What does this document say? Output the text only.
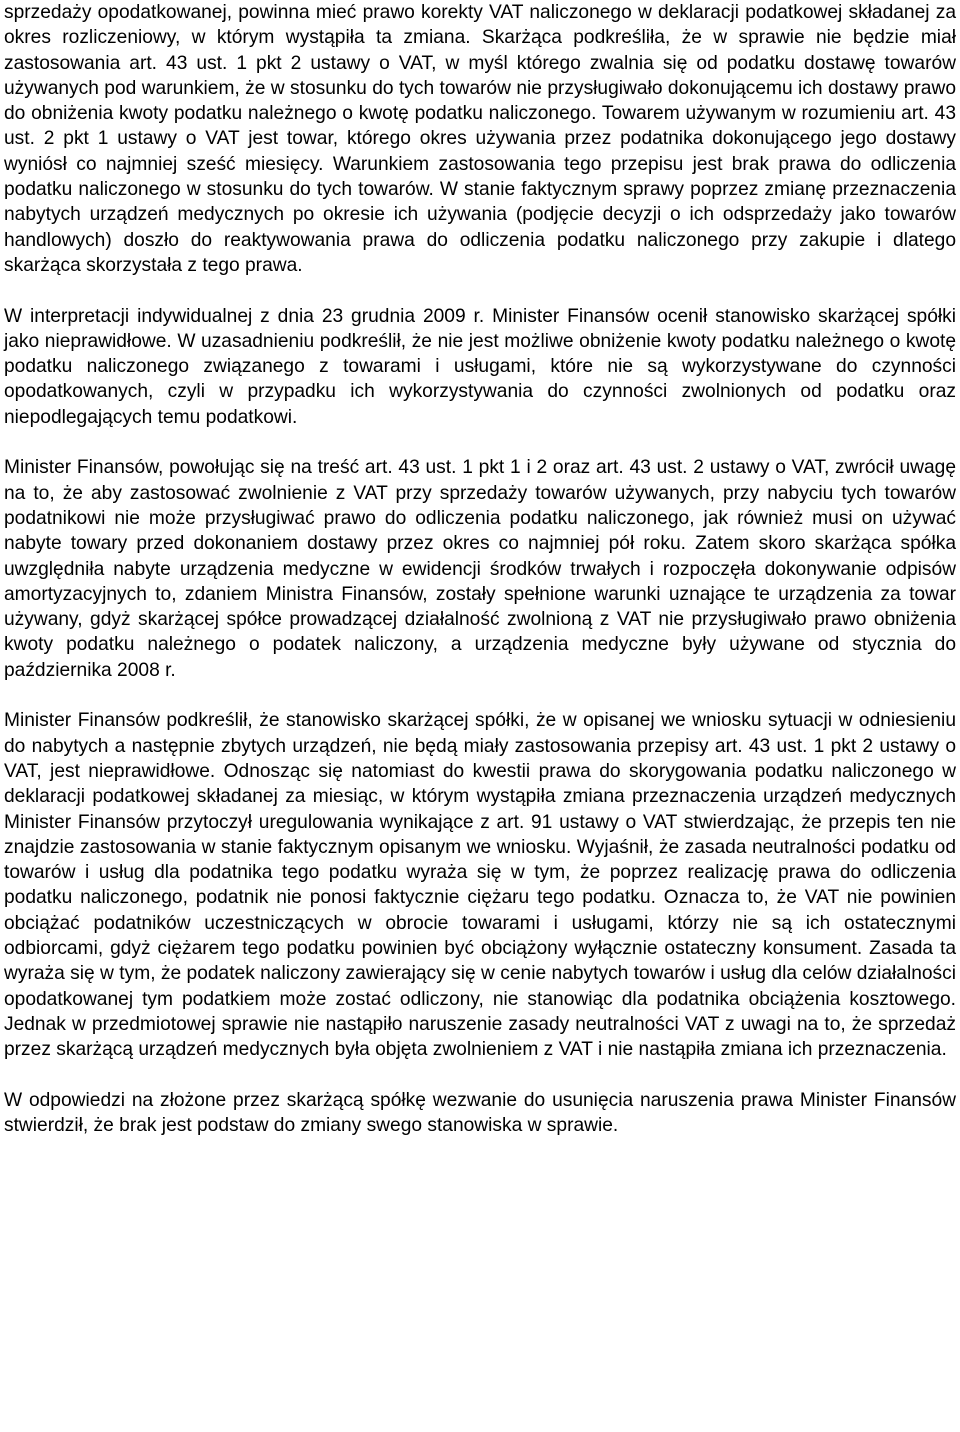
sprzedaży opodatkowanej, powinna mieć prawo korekty VAT naliczonego w deklaracji podatkowej składanej za okres rozliczeniowy, w którym wystąpiła ta zmiana. Skarżąca podkreśliła, że w sprawie nie będzie miał zastosowania art. 43 ust. 1 pkt 2 ustawy o VAT, w myśl którego zwalnia się od podatku dostawę towarów używanych pod warunkiem, że w stosunku do tych towarów nie przysługiwało dokonującemu ich dostawy prawo do obniżenia kwoty podatku należnego o kwotę podatku naliczonego. Towarem używanym w rozumieniu art. 43 ust. 2 pkt 1 ustawy o VAT jest towar, którego okres używania przez podatnika dokonującego jego dostawy wyniósł co najmniej sześć miesięcy. Warunkiem zastosowania tego przepisu jest brak prawa do odliczenia podatku naliczonego w stosunku do tych towarów. W stanie faktycznym sprawy poprzez zmianę przeznaczenia nabytych urządzeń medycznych po okresie ich używania (podjęcie decyzji o ich odsprzedaży jako towarów handlowych) doszło do reaktywowania prawa do odliczenia podatku naliczonego przy zakupie i dlatego skarżąca skorzystała z tego prawa.

W interpretacji indywidualnej z dnia 23 grudnia 2009 r. Minister Finansów ocenił stanowisko skarżącej spółki jako nieprawidłowe. W uzasadnieniu podkreślił, że nie jest możliwe obniżenie kwoty podatku należnego o kwotę podatku naliczonego związanego z towarami i usługami, które nie są wykorzystywane do czynności opodatkowanych, czyli w przypadku ich wykorzystywania do czynności zwolnionych od podatku oraz niepodlegających temu podatkowi.

Minister Finansów, powołując się na treść art. 43 ust. 1 pkt 1 i 2 oraz art. 43 ust. 2 ustawy o VAT, zwrócił uwagę na to, że aby zastosować zwolnienie z VAT przy sprzedaży towarów używanych, przy nabyciu tych towarów podatnikowi nie może przysługiwać prawo do odliczenia podatku naliczonego, jak również musi on używać nabyte towary przed dokonaniem dostawy przez okres co najmniej pół roku. Zatem skoro skarżąca spółka uwzględniła nabyte urządzenia medyczne w ewidencji środków trwałych i rozpoczęła dokonywanie odpisów amortyzacyjnych to, zdaniem Ministra Finansów, zostały spełnione warunki uznające te urządzenia za towar używany, gdyż skarżącej spółce prowadzącej działalność zwolnioną z VAT nie przysługiwało prawo obniżenia kwoty podatku należnego o podatek naliczony, a urządzenia medyczne były używane od stycznia do października 2008 r.

Minister Finansów podkreślił, że stanowisko skarżącej spółki, że w opisanej we wniosku sytuacji w odniesieniu do nabytych a następnie zbytych urządzeń, nie będą miały zastosowania przepisy art. 43 ust. 1 pkt 2 ustawy o VAT, jest nieprawidłowe. Odnosząc się natomiast do kwestii prawa do skorygowania podatku naliczonego w deklaracji podatkowej składanej za miesiąc, w którym wystąpiła zmiana przeznaczenia urządzeń medycznych Minister Finansów przytoczył uregulowania wynikające z art. 91 ustawy o VAT stwierdzając, że przepis ten nie znajdzie zastosowania w stanie faktycznym opisanym we wniosku. Wyjaśnił, że zasada neutralności podatku od towarów i usług dla podatnika tego podatku wyraża się w tym, że poprzez realizację prawa do odliczenia podatku naliczonego, podatnik nie ponosi faktycznie ciężaru tego podatku. Oznacza to, że VAT nie powinien obciążać podatników uczestniczących w obrocie towarami i usługami, którzy nie są ich ostatecznymi odbiorcami, gdyż ciężarem tego podatku powinien być obciążony wyłącznie ostateczny konsument. Zasada ta wyraża się w tym, że podatek naliczony zawierający się w cenie nabytych towarów i usług dla celów działalności opodatkowanej tym podatkiem może zostać odliczony, nie stanowiąc dla podatnika obciążenia kosztowego. Jednak w przedmiotowej sprawie nie nastąpiło naruszenie zasady neutralności VAT z uwagi na to, że sprzedaż przez skarżącą urządzeń medycznych była objęta zwolnieniem z VAT i nie nastąpiła zmiana ich przeznaczenia.

W odpowiedzi na złożone przez skarżącą spółkę wezwanie do usunięcia naruszenia prawa Minister Finansów stwierdził, że brak jest podstaw do zmiany swego stanowiska w sprawie.
